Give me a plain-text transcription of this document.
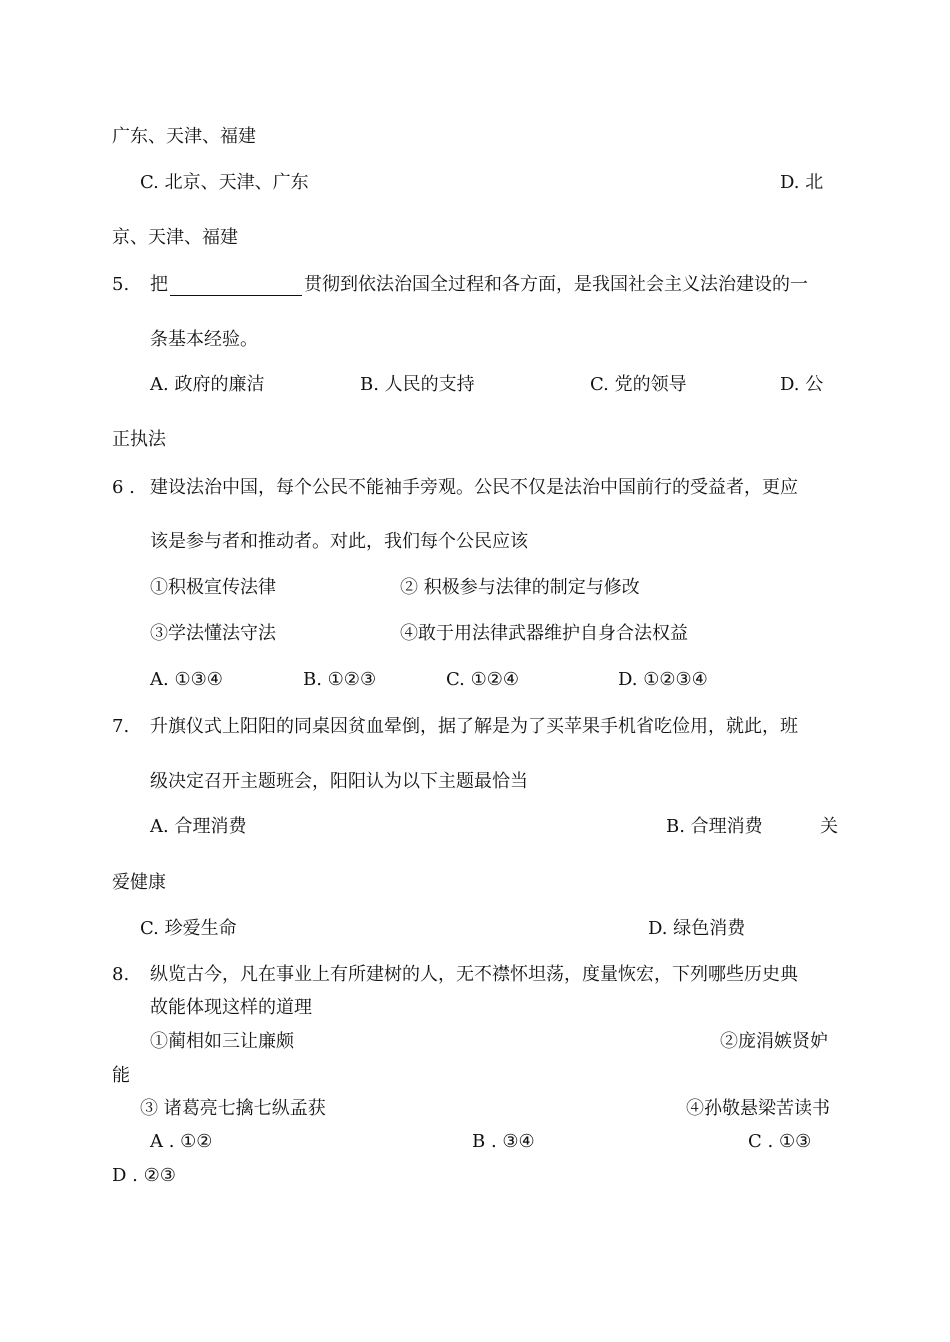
广东、天津、福建
C. 北京、天津、广东	D. 北
京、天津、福建
5. 把	贯彻到依法治国全过程和各方面，是我国社会主义法治建设的一
条基本经验。
A. 政府的廉洁	B. 人民的支持	C. 党的领导	D. 公
正执法
6 . 建设法治中国，每个公民不能袖手旁观。公民不仅是法治中国前行的受益者，更应
该是参与者和推动者。对此，我们每个公民应该
①积极宣传法律	② 积极参与法律的制定与修改
③学法懂法守法	④敢于用法律武器维护自身合法权益
A. ①③④	B. ①②③	C. ①②④	D. ①②③④
7. 升旗仪式上阳阳的同桌因贫血晕倒，据了解是为了买苹果手机省吃俭用，就此，班
级决定召开主题班会，阳阳认为以下主题最恰当
A. 合理消费	B. 合理消费	关
爱健康
C. 珍爱生命	D. 绿色消费
8. 纵览古今，凡在事业上有所建树的人，无不襟怀坦荡，度量恢宏，下列哪些历史典
故能体现这样的道理
①蔺相如三让廉颇	②庞涓嫉贤妒
能
③ 诸葛亮七擒七纵孟获	④孙敬悬梁苦读书
A . ①②	B . ③④	C . ①③
D . ②③
